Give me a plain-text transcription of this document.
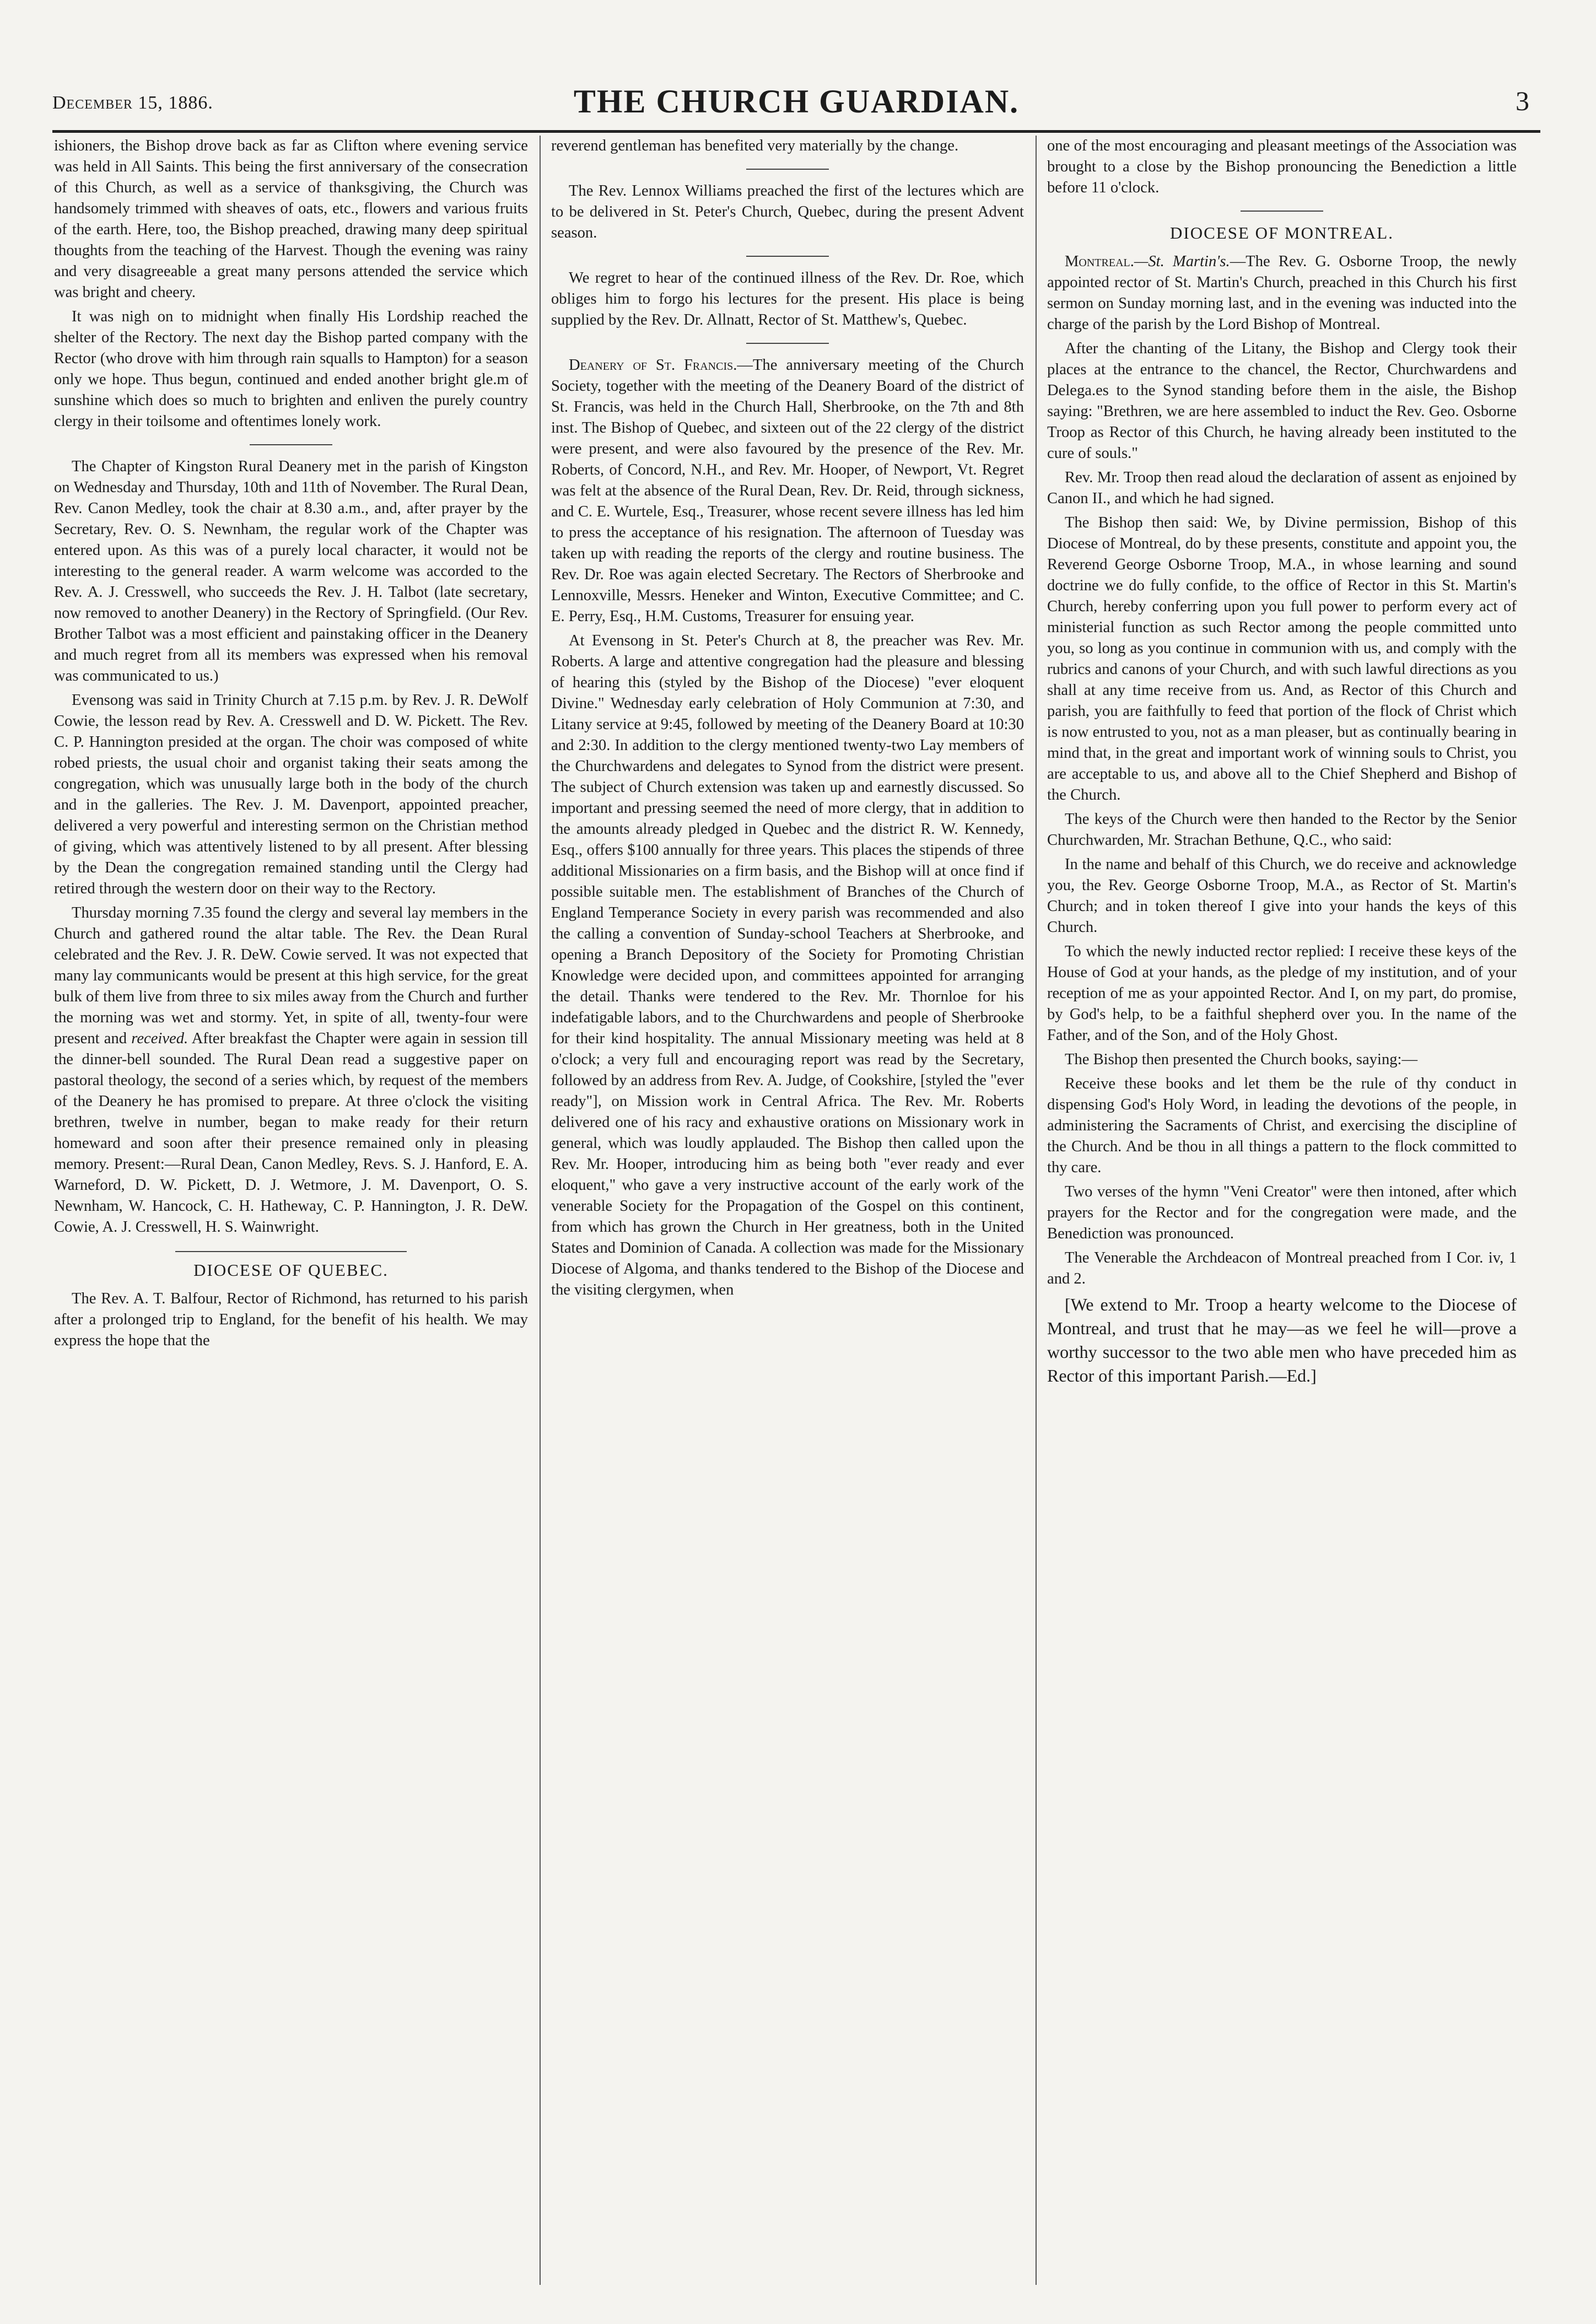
December 15, 1886.	THE CHURCH GUARDIAN.	3

ishioners, the Bishop drove back as far as Clifton where evening service was held in All Saints. This being the first anniversary of the consecration of this Church, as well as a service of thanksgiving, the Church was handsomely trimmed with sheaves of oats, etc., flowers and various fruits of the earth. Here, too, the Bishop preached, drawing many deep spiritual thoughts from the teaching of the Harvest. Though the evening was rainy and very disagreeable a great many persons attended the service which was bright and cheery.

It was nigh on to midnight when finally His Lordship reached the shelter of the Rectory. The next day the Bishop parted company with the Rector (who drove with him through rain squalls to Hampton) for a season only we hope. Thus begun, continued and ended another bright gle.m of sunshine which does so much to brighten and enliven the purely country clergy in their toilsome and oftentimes lonely work.

The Chapter of Kingston Rural Deanery met in the parish of Kingston on Wednesday and Thursday, 10th and 11th of November. The Rural Dean, Rev. Canon Medley, took the chair at 8.30 a.m., and, after prayer by the Secretary, Rev. O. S. Newnham, the regular work of the Chapter was entered upon. As this was of a purely local character, it would not be interesting to the general reader. A warm welcome was accorded to the Rev. A. J. Cresswell, who succeeds the Rev. J. H. Talbot (late secretary, now removed to another Deanery) in the Rectory of Springfield. (Our Rev. Brother Talbot was a most efficient and painstaking officer in the Deanery and much regret from all its members was expressed when his removal was communicated to us.)

Evensong was said in Trinity Church at 7.15 p.m. by Rev. J. R. DeWolf Cowie, the lesson read by Rev. A. Cresswell and D. W. Pickett. The Rev. C. P. Hannington presided at the organ. The choir was composed of white robed priests, the usual choir and organist taking their seats among the congregation, which was unusually large both in the body of the church and in the galleries. The Rev. J. M. Davenport, appointed preacher, delivered a very powerful and interesting sermon on the Christian method of giving, which was attentively listened to by all present. After blessing by the Dean the congregation remained standing until the Clergy had retired through the western door on their way to the Rectory.

Thursday morning 7.35 found the clergy and several lay members in the Church and gathered round the altar table. The Rev. the Dean Rural celebrated and the Rev. J. R. DeW. Cowie served. It was not expected that many lay communicants would be present at this high service, for the great bulk of them live from three to six miles away from the Church and further the morning was wet and stormy. Yet, in spite of all, twenty-four were present and received. After breakfast the Chapter were again in session till the dinner-bell sounded. The Rural Dean read a suggestive paper on pastoral theology, the second of a series which, by request of the members of the Deanery he has promised to prepare. At three o'clock the visiting brethren, twelve in number, began to make ready for their return homeward and soon after their presence remained only in pleasing memory. Present:—Rural Dean, Canon Medley, Revs. S. J. Hanford, E. A. Warneford, D. W. Pickett, D. J. Wetmore, J. M. Davenport, O. S. Newnham, W. Hancock, C. H. Hatheway, C. P. Hannington, J. R. DeW. Cowie, A. J. Cresswell, H. S. Wainwright.

DIOCESE OF QUEBEC.

The Rev. A. T. Balfour, Rector of Richmond, has returned to his parish after a prolonged trip to England, for the benefit of his health. We may express the hope that the

reverend gentleman has benefited very materially by the change.

The Rev. Lennox Williams preached the first of the lectures which are to be delivered in St. Peter's Church, Quebec, during the present Advent season.

We regret to hear of the continued illness of the Rev. Dr. Roe, which obliges him to forgo his lectures for the present. His place is being supplied by the Rev. Dr. Allnatt, Rector of St. Matthew's, Quebec.

Deanery of St. Francis.—The anniversary meeting of the Church Society, together with the meeting of the Deanery Board of the district of St. Francis, was held in the Church Hall, Sherbrooke, on the 7th and 8th inst. The Bishop of Quebec, and sixteen out of the 22 clergy of the district were present, and were also favoured by the presence of the Rev. Mr. Roberts, of Concord, N.H., and Rev. Mr. Hooper, of Newport, Vt. Regret was felt at the absence of the Rural Dean, Rev. Dr. Reid, through sickness, and C. E. Wurtele, Esq., Treasurer, whose recent severe illness has led him to press the acceptance of his resignation. The afternoon of Tuesday was taken up with reading the reports of the clergy and routine business. The Rev. Dr. Roe was again elected Secretary. The Rectors of Sherbrooke and Lennoxville, Messrs. Heneker and Winton, Executive Committee; and C. E. Perry, Esq., H.M. Customs, Treasurer for ensuing year.

At Evensong in St. Peter's Church at 8, the preacher was Rev. Mr. Roberts. A large and attentive congregation had the pleasure and blessing of hearing this (styled by the Bishop of the Diocese) "ever eloquent Divine." Wednesday early celebration of Holy Communion at 7:30, and Litany service at 9:45, followed by meeting of the Deanery Board at 10:30 and 2:30. In addition to the clergy mentioned twenty-two Lay members of the Churchwardens and delegates to Synod from the district were present. The subject of Church extension was taken up and earnestly discussed. So important and pressing seemed the need of more clergy, that in addition to the amounts already pledged in Quebec and the district R. W. Kennedy, Esq., offers $100 annually for three years. This places the stipends of three additional Missionaries on a firm basis, and the Bishop will at once find if possible suitable men. The establishment of Branches of the Church of England Temperance Society in every parish was recommended and also the calling a convention of Sunday-school Teachers at Sherbrooke, and opening a Branch Depository of the Society for Promoting Christian Knowledge were decided upon, and committees appointed for arranging the detail. Thanks were tendered to the Rev. Mr. Thornloe for his indefatigable labors, and to the Churchwardens and people of Sherbrooke for their kind hospitality. The annual Missionary meeting was held at 8 o'clock; a very full and encouraging report was read by the Secretary, followed by an address from Rev. A. Judge, of Cookshire, [styled the "ever ready"], on Mission work in Central Africa. The Rev. Mr. Roberts delivered one of his racy and exhaustive orations on Missionary work in general, which was loudly applauded. The Bishop then called upon the Rev. Mr. Hooper, introducing him as being both "ever ready and ever eloquent," who gave a very instructive account of the early work of the venerable Society for the Propagation of the Gospel on this continent, from which has grown the Church in Her greatness, both in the United States and Dominion of Canada. A collection was made for the Missionary Diocese of Algoma, and thanks tendered to the Bishop of the Diocese and the visiting clergymen, when

one of the most encouraging and pleasant meetings of the Association was brought to a close by the Bishop pronouncing the Benediction a little before 11 o'clock.

DIOCESE OF MONTREAL.

Montreal.—St. Martin's.—The Rev. G. Osborne Troop, the newly appointed rector of St. Martin's Church, preached in this Church his first sermon on Sunday morning last, and in the evening was inducted into the charge of the parish by the Lord Bishop of Montreal.

After the chanting of the Litany, the Bishop and Clergy took their places at the entrance to the chancel, the Rector, Churchwardens and Delega.es to the Synod standing before them in the aisle, the Bishop saying: "Brethren, we are here assembled to induct the Rev. Geo. Osborne Troop as Rector of this Church, he having already been instituted to the cure of souls."

Rev. Mr. Troop then read aloud the declaration of assent as enjoined by Canon II., and which he had signed.

The Bishop then said: We, by Divine permission, Bishop of this Diocese of Montreal, do by these presents, constitute and appoint you, the Reverend George Osborne Troop, M.A., in whose learning and sound doctrine we do fully confide, to the office of Rector in this St. Martin's Church, hereby conferring upon you full power to perform every act of ministerial function as such Rector among the people committed unto you, so long as you continue in communion with us, and comply with the rubrics and canons of your Church, and with such lawful directions as you shall at any time receive from us. And, as Rector of this Church and parish, you are faithfully to feed that portion of the flock of Christ which is now entrusted to you, not as a man pleaser, but as continually bearing in mind that, in the great and important work of winning souls to Christ, you are acceptable to us, and above all to the Chief Shepherd and Bishop of the Church.

The keys of the Church were then handed to the Rector by the Senior Churchwarden, Mr. Strachan Bethune, Q.C., who said:

In the name and behalf of this Church, we do receive and acknowledge you, the Rev. George Osborne Troop, M.A., as Rector of St. Martin's Church; and in token thereof I give into your hands the keys of this Church.

To which the newly inducted rector replied: I receive these keys of the House of God at your hands, as the pledge of my institution, and of your reception of me as your appointed Rector. And I, on my part, do promise, by God's help, to be a faithful shepherd over you. In the name of the Father, and of the Son, and of the Holy Ghost.

The Bishop then presented the Church books, saying:—

Receive these books and let them be the rule of thy conduct in dispensing God's Holy Word, in leading the devotions of the people, in administering the Sacraments of Christ, and exercising the discipline of the Church. And be thou in all things a pattern to the flock committed to thy care.

Two verses of the hymn "Veni Creator" were then intoned, after which prayers for the Rector and for the congregation were made, and the Benediction was pronounced.

The Venerable the Archdeacon of Montreal preached from I Cor. iv, 1 and 2.

[We extend to Mr. Troop a hearty welcome to the Diocese of Montreal, and trust that he may—as we feel he will—prove a worthy successor to the two able men who have preceded him as Rector of this important Parish.—Ed.]
